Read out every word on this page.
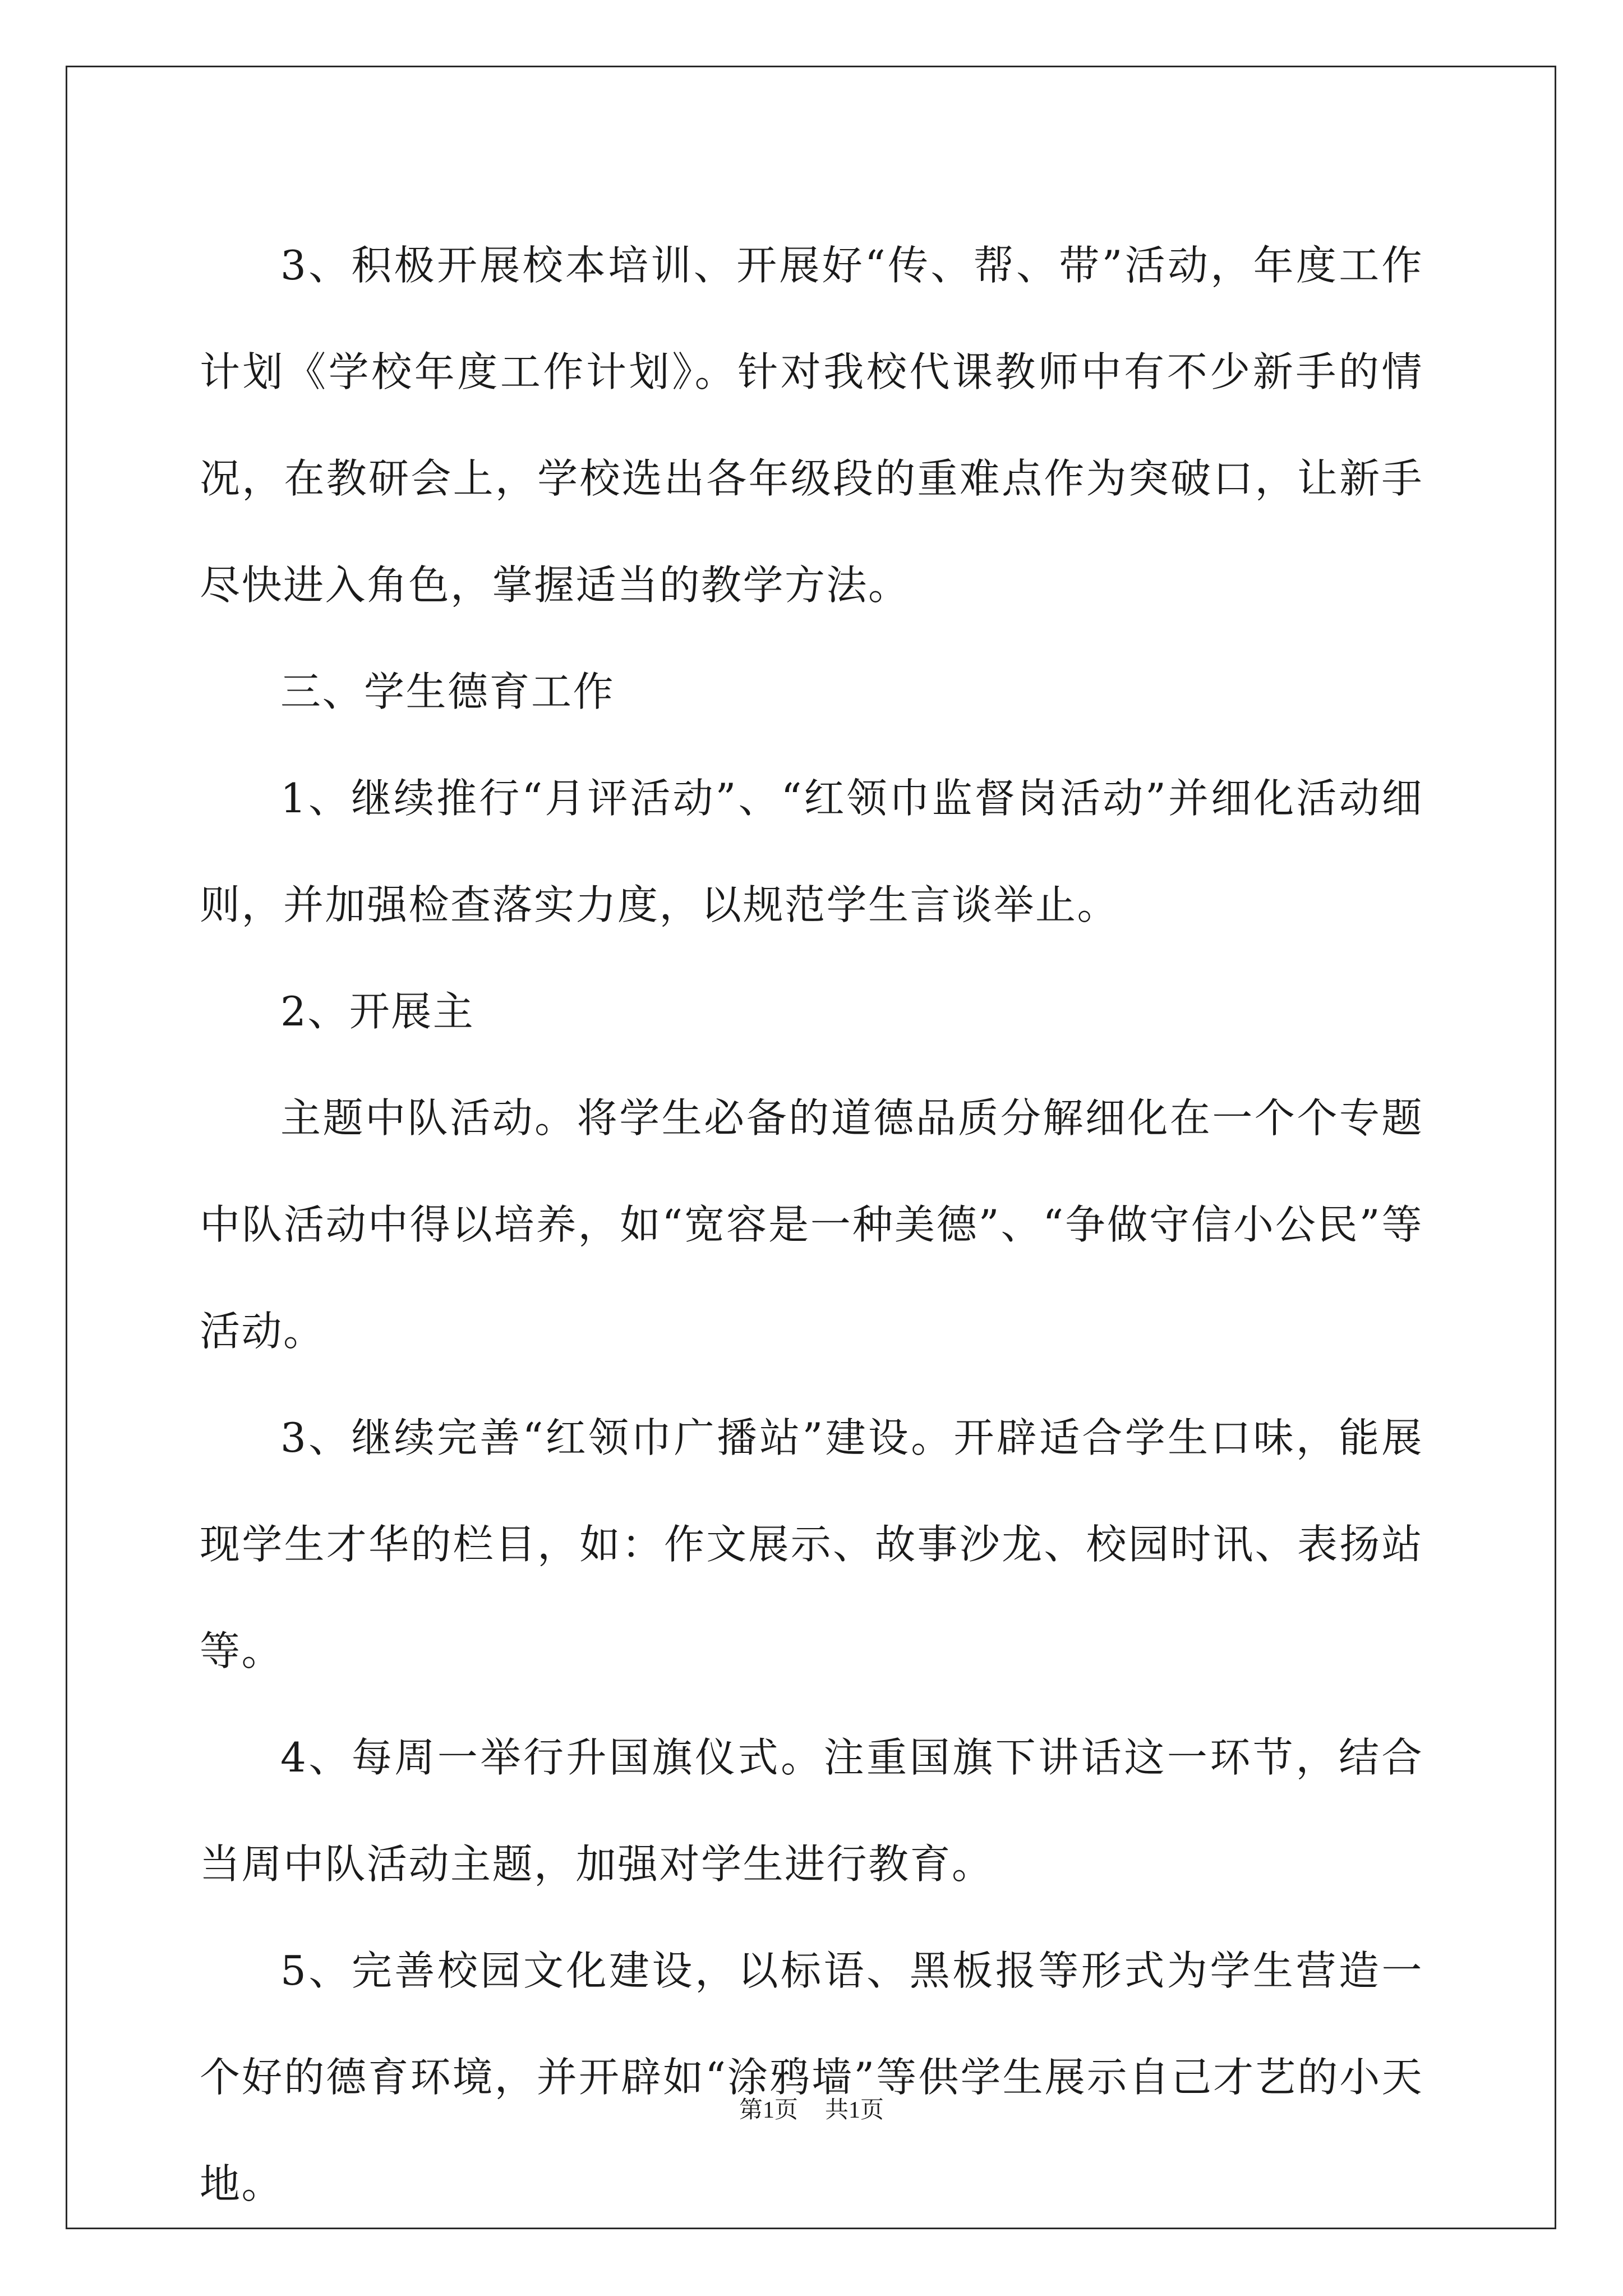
3、积极开展校本培训、开展好“传、帮、带”活动，年度工作计划《学校年度工作计划》。针对我校代课教师中有不少新手的情况，在教研会上，学校选出各年级段的重难点作为突破口，让新手尽快进入角色，掌握适当的教学方法。

三、学生德育工作

1、继续推行“月评活动”、“红领巾监督岗活动”并细化活动细则，并加强检查落实力度，以规范学生言谈举止。

2、开展主

主题中队活动。将学生必备的道德品质分解细化在一个个专题中队活动中得以培养，如“宽容是一种美德”、“争做守信小公民”等活动。

3、继续完善“红领巾广播站”建设。开辟适合学生口味，能展现学生才华的栏目，如：作文展示、故事沙龙、校园时讯、表扬站等。

4、每周一举行升国旗仪式。注重国旗下讲话这一环节，结合当周中队活动主题，加强对学生进行教育。

5、完善校园文化建设，以标语、黑板报等形式为学生营造一个好的德育环境，并开辟如“涂鸦墙”等供学生展示自己才艺的小天地。

第1页 共1页
